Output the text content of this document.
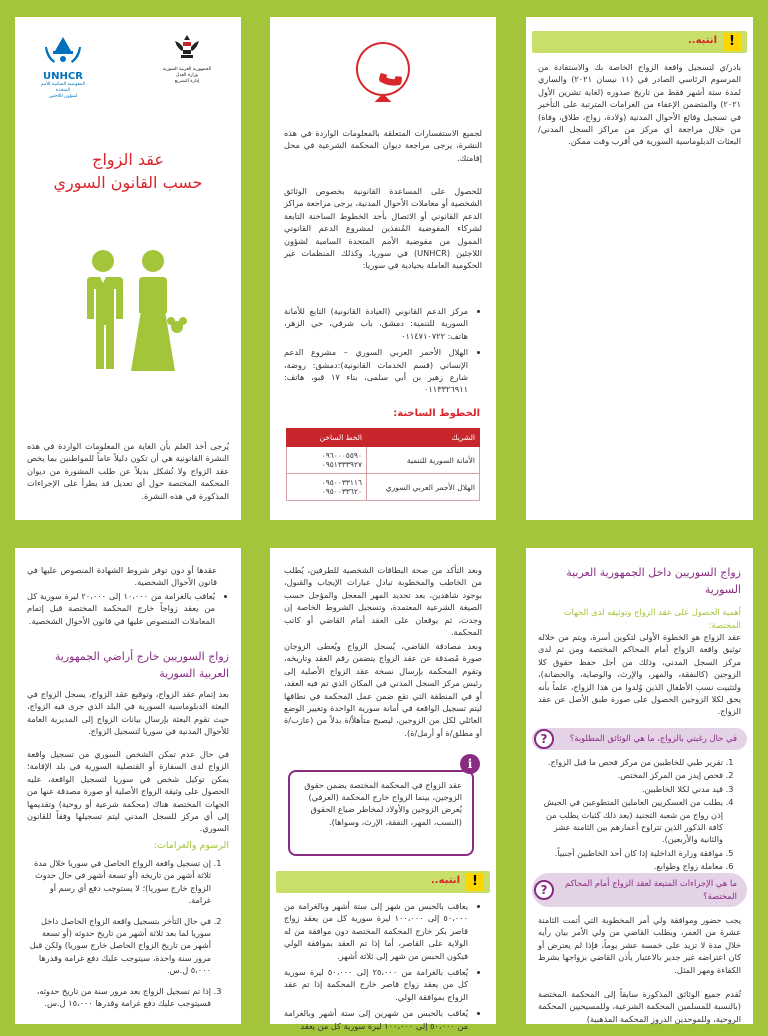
UNHCR
المفوضية السامية للأمم المتحدة
لشؤون اللاجئين
الجمهورية العربية السورية
وزارة العدل
إدارة التشريع
عقد الزواج
حسب القانون السوري

يُرجى أخذ العلم بأن الغاية من المعلومات الواردة في هذه النشرة القانونية هي أن تكون دليلاً عاماً للمواطنين بما يخص عقد الزواج ولا تُشكل بديلاً عن طلب المشورة من ديوان المحكمة المختصة حول أي تعديل قد يطرأ على الإجراءات المذكورة في هذه النشرة.

لجميع الاستفسارات المتعلقة بالمعلومات الواردة في هذه النشرة، يرجى مراجعة ديوان المحكمة الشرعية في محل إقامتك.

للحصول على المساعدة القانونية بخصوص الوثائق الشخصية أو معاملات الأحوال المدنية، يرجى مراجعة مراكز الدعم القانوني أو الاتصال بأحد الخطوط الساخنة التابعة لشركاء المفوضية المُنفذين لمشروع الدعم القانوني الممول من مفوضية الأمم المتحدة السامية لشؤون اللاجئين (UNHCR) في سوريا، وكذلك المنظمات غير الحكومية العاملة بحيادية في سوريا:

• مركز الدعم القانوني (العيادة القانونية) التابع للأمانة السورية للتنمية: دمشق، باب شرقي، حي الزهر، هاتف: ٠١١٤٧١٠٧٢٢
• الهلال الأحمر العربي السوري – مشروع الدعم الإنساني (قسم الخدمات القانونية):دمشق: روضة، شارع زهير بن أبي سلمى، بناء ١٧ قبو، هاتف: ٠١١٣٣٢٦٩١١
الخطوط الساخنة:
الشريك	الخط الساخن
الأمانة السورية للتنمية	٠٩٦٠٠٠٥٥٩٠
٠٩٥١٣٣٣٩٢٧

الهلال الأحمر العربي السوري	٠٩٥٠٠٣٣١١٦
٠٩٥٠٠٣٣٦٢٠
!
انتبه..

بادر/ي لتسجيل واقعة الزواج الخاصة بك والاستفادة من المرسوم الرئاسي الصادر في (١١ نيسان ٢٠٢١) والساري لمدة ستة أشهر فقط من تاريخ صدوره (لغاية تشرين الأول ٢٠٢١) والمتضمن الإعفاء من الغرامات المترتبة على التأخير في تسجيل وقائع الأحوال المدنية (ولادة، زواج، طلاق، وفاة) من خلال مراجعة أي مركز من مراكز السجل المدني/ البعثات الدبلوماسية السورية في أقرب وقت ممكن.

زواج السوريين داخل الجمهورية العربية السورية
أهمية الحصول على عقد الزواج وتوثيقه لدى الجهات المختصة:

عقد الزواج هو الخطوة الأولى لتكوين أسرة، ويتم من خلاله توثيق واقعة الزواج أمام المحاكم المختصة ومن ثم لدى مركز السجل المدني، وذلك من أجل حفظ حقوق كلا الزوجين (كالنفقة، والمهر، والإرث، والوصاية، والحضانة)، ولتثبيت نسب الأطفال الذين وُلدوا من هذا الزواج، علماً بأنه يحق لكلا الزوجين الحصول على صورة طبق الأصل عن عقد الزواج.

?	في حال رغبتي بالزواج، ما هي الوثائق المطلوبة؟
1. تقرير طبي للخاطبين من مركز فحص ما قبل الزواج.
2. فحص إيدز من المركز المختص.
3. قيد مدني لكلا الخاطبين.
4. يطلب من العسكريين العاملين المتطوعين في الجيش إذن زواج من شعبة التجنيد (يعد ذلك كثبات يطلب من كافة الذكور الذين تتراوح أعمارهم بين الثامنة عشر والثانية والأربعين).
5. موافقة وزارة الداخلية إذا كان أحد الخاطبين أجنبياً.
6. معاملة زواج وطوابع.
?	ما هي الإجراءات المتبعة لعقد الزواج أمام المحاكم المختصة؟

يجب حضور وموافقة ولي أمر المخطوبة التي أتمت الثامنة عشرة من العمر، ويطلب القاضي من ولي الأمر بيان رأيه خلال مدة لا تزيد على خمسة عشر يوماً، فإذا لم يعترض أو كان اعتراضه غير جدير بالاعتبار يأذن القاضي بزواجها بشرط الكفاءة ومهر المثل.

تُقدم جميع الوثائق المذكورة سابقاً إلى المحكمة المختصة (بالنسبة للمسلمين المحكمة الشرعية، وللمسيحيين المحكمة الروحية، وللموحدين الدروز المحكمة المذهبية)

وبعد التأكد من صحة البطاقات الشخصية للطرفين، يُطلب من الخاطب والمخطوبة تبادل عبارات الإيجاب والقبول، بوجود شاهدين، بعد تحديد المهر المعجل والمؤجل حسب الصيغة الشرعية المعتمدة، وتسجيل الشروط الخاصة إن وجدت، ثم يوقعان على العقد أمام القاضي أو كاتب المحكمة.

وبعد مصادقة القاضي، يُسجل الزواج ويُعطى الزوجان صورة مُصدقة عن عقد الزواج يتضمن رقم العقد وتاريخه، وتقوم المحكمة بإرسال نسخة عقد الزواج الأصلية إلى رئيس مركز السجل المدني في المكان الذي تم فيه العقد، أو في المنطقة التي تقع ضمن عمل المحكمة في نطاقها ليتم تسجيل الواقعة في أمانة سورية الواحدة وتغيير الوضع العائلي لكل من الزوجين، ليصبح متأهلاً/ة بدلاً من (عازب/ة أو مطلق/ة أو أرمل/ة).

عقد الزواج في المحكمة المختصة يضمن حقوق الزوجين، بينما الزواج خارج المحكمة (العرفي) يُعرض الزوجين والأولاد لمخاطر ضياع الحقوق (النسب، المهر، النفقة، الإرث، وسواها).

i
!
انتبه..
• يعاقب بالحبس من شهر إلى ستة أشهر وبالغرامة من ٥٠،٠٠٠ إلى ١٠٠،٠٠٠ ليرة سورية كل من يعقد زواج قاصر بكر خارج المحكمة المختصة دون موافقة من له الولاية على القاصر، أما إذا تم العقد بموافقة الولي فيكون الحبس من شهر إلى ثلاثة أشهر.
• يُعاقب بالغرامة من ٢٥،٠٠٠ إلى ٥٠،٠٠٠ ليرة سورية كل من يعقد زواج قاصر خارج المحكمة إذا تم عقد الزواج بموافقة الولي.
• يُعاقب بالحبس من شهرين إلى ستة أشهر وبالغرامة من ٥٠،٠٠٠ إلى ١٠٠،٠٠٠ ليرة سورية كل من يعقد

عقدها أو دون توفر شروط الشهادة المنصوص عليها في قانون الأحوال الشخصية.

• يُعاقب بالغرامة من ١٠،٠٠٠ إلى ٢٠،٠٠٠ ليرة سورية كل من يعقد زواجاً خارج المحكمة المختصة قبل إتمام المعاملات المنصوص عليها في قانون الأحوال الشخصية.
زواج السوريين خارج أراضي الجمهورية العربية السورية

بعد إتمام عقد الزواج، وتوقيع عقد الزواج، يسجل الزواج في البعثة الدبلوماسية السورية في البلد الذي جرى فيه الزواج، حيث تقوم البعثة بإرسال بيانات الزواج إلى المديرية العامة للأحوال المدنية في سوريا لتسجيل الزواج.

في حال عدم تمكن الشخص السوري من تسجيل واقعة الزواج لدى السفارة أو القنصلية السورية في بلد الإقامة؛ يمكن توكيل شخص في سوريا لتسجيل الواقعة، عليه الحصول على وثيقة الزواج الأصلية أو صورة مصدقة عنها من الجهات المختصة هناك (محكمة شرعية أو روحية) وتقديمها إلى أي مركز للسجل المدني ليتم تسجيلها وفقاً للقانون السوري.

الرسوم والغرامات:
1. إن تسجيل واقعة الزواج الحاصل في سوريا خلال مدة ثلاثة أشهر من تاريخه (أو تسعة أشهر في حال حدوث الزواج خارج سوريا)؛ لا يستوجب دفع أي رسم أو غرامة.
2. في حال التأخر بتسجيل واقعة الزواج الحاصل داخل سوريا لما بعد ثلاثة أشهر من تاريخ حدوثه (أو تسعة أشهر من تاريخ الزواج الحاصل خارج سوريا) ولكن قبل مرور سنة واحدة، سيتوجب عليك دفع غرامة وقدرها ٥،٠٠٠ ل.س.
3. إذا تم تسجيل الزواج بعد مرور سنة من تاريخ حدوثه، فسيتوجب عليك دفع غرامة وقدرها ١٥،٠٠٠ ل.س.
